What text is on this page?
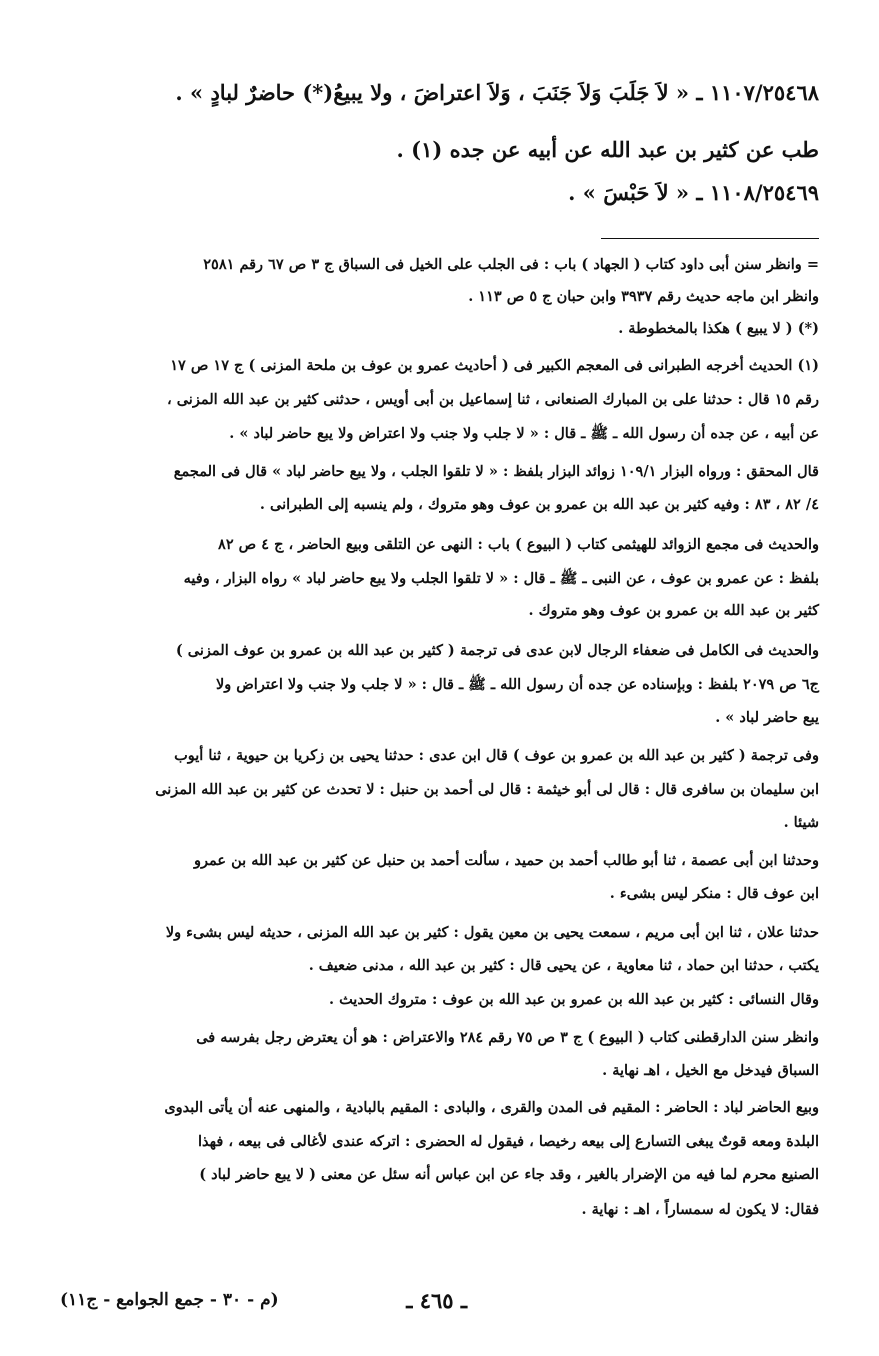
١١٠٧/٢٥٤٦٨ ـ « لاَ جَلَبَ وَلاَ جَنَبَ ، وَلاَ اعتراضَ ، ولا يبيعُ(*) حاضرٌ لبادٍ » .

طب عن كثير بن عبد الله عن أبيه عن جده (١) .

١١٠٨/٢٥٤٦٩ ـ « لاَ حَبْسَ » .

= وانظر سنن أبى داود كتاب ( الجهاد ) باب : فى الجلب على الخيل فى السباق ج ٣ ص ٦٧ رقم ٢٥٨١

وانظر ابن ماجه حديث رقم ٣٩٣٧ وابن حبان ج ٥ ص ١١٣ .

(*) ( لا يبيع ) هكذا بالمخطوطة .

(١) الحديث أخرجه الطبرانى فى المعجم الكبير فى ( أحاديث عمرو بن عوف بن ملحة المزنى ) ج ١٧ ص ١٧

رقم ١٥ قال : حدثنا على بن المبارك الصنعانى ، ثنا إسماعيل بن أبى أويس ، حدثنى كثير بن عبد الله المزنى ،

عن أبيه ، عن جده أن رسول الله ـ ﷺ ـ قال : « لا جلب ولا جنب ولا اعتراض ولا يبع حاضر لباد » .

قال المحقق : ورواه البزار ١٠٩/١ زوائد البزار بلفظ : « لا تلقوا الجلب ، ولا يبع حاضر لباد » قال فى المجمع

٤/ ٨٢ ، ٨٣ : وفيه كثير بن عبد الله بن عمرو بن عوف وهو متروك ، ولم ينسبه إلى الطبرانى .

والحديث فى مجمع الزوائد للهيثمى كتاب ( البيوع ) باب : النهى عن التلقى وبيع الحاضر ، ج ٤ ص ٨٢

بلفظ : عن عمرو بن عوف ، عن النبى ـ ﷺ ـ قال : « لا تلقوا الجلب ولا يبع حاضر لباد » رواه البزار ، وفيه

كثير بن عبد الله بن عمرو بن عوف وهو متروك .

والحديث فى الكامل فى ضعفاء الرجال لابن عدى فى ترجمة ( كثير بن عبد الله بن عمرو بن عوف المزنى )

ج٦ ص ٢٠٧٩ بلفظ : وبإسناده عن جده أن رسول الله ـ ﷺ ـ قال : « لا جلب ولا جنب ولا اعتراض ولا

يبع حاضر لباد » .

وفى ترجمة ( كثير بن عبد الله بن عمرو بن عوف ) قال ابن عدى : حدثنا يحيى بن زكريا بن حيوية ، ثنا أيوب

ابن سليمان بن سافرى قال : قال لى أبو خيثمة : قال لى أحمد بن حنبل : لا تحدث عن كثير بن عبد الله المزنى

شيئا .

وحدثنا ابن أبى عصمة ، ثنا أبو طالب أحمد بن حميد ، سألت أحمد بن حنبل عن كثير بن عبد الله بن عمرو

ابن عوف قال : منكر ليس بشىء .

حدثنا علان ، ثنا ابن أبى مريم ، سمعت يحيى بن معين يقول : كثير بن عبد الله المزنى ، حديثه ليس بشىء ولا

يكتب ، حدثنا ابن حماد ، ثنا معاوية ، عن يحيى قال : كثير بن عبد الله ، مدنى ضعيف .

وقال النسائى : كثير بن عبد الله بن عمرو بن عبد الله بن عوف : متروك الحديث .

وانظر سنن الدارقطنى كتاب ( البيوع ) ج ٣ ص ٧٥ رقم ٢٨٤ والاعتراض : هو أن يعترض رجل بفرسه فى

السباق فيدخل مع الخيل ، اهـ نهاية .

وبيع الحاضر لباد : الحاضر : المقيم فى المدن والقرى ، والبادى : المقيم بالبادية ، والمنهى عنه أن يأتى البدوى

البلدة ومعه قوتٌ يبغى التسارع إلى بيعه رخيصا ، فيقول له الحضرى : اتركه عندى لأغالى فى بيعه ، فهذا

الصنيع محرم لما فيه من الإضرار بالغير ، وقد جاء عن ابن عباس أنه سئل عن معنى ( لا يبع حاضر لباد )

فقال: لا يكون له سمساراً ، اهـ : نهاية .

ـ ٤٦٥ ـ
(م - ٣٠ - جمع الجوامع - ج١١)
